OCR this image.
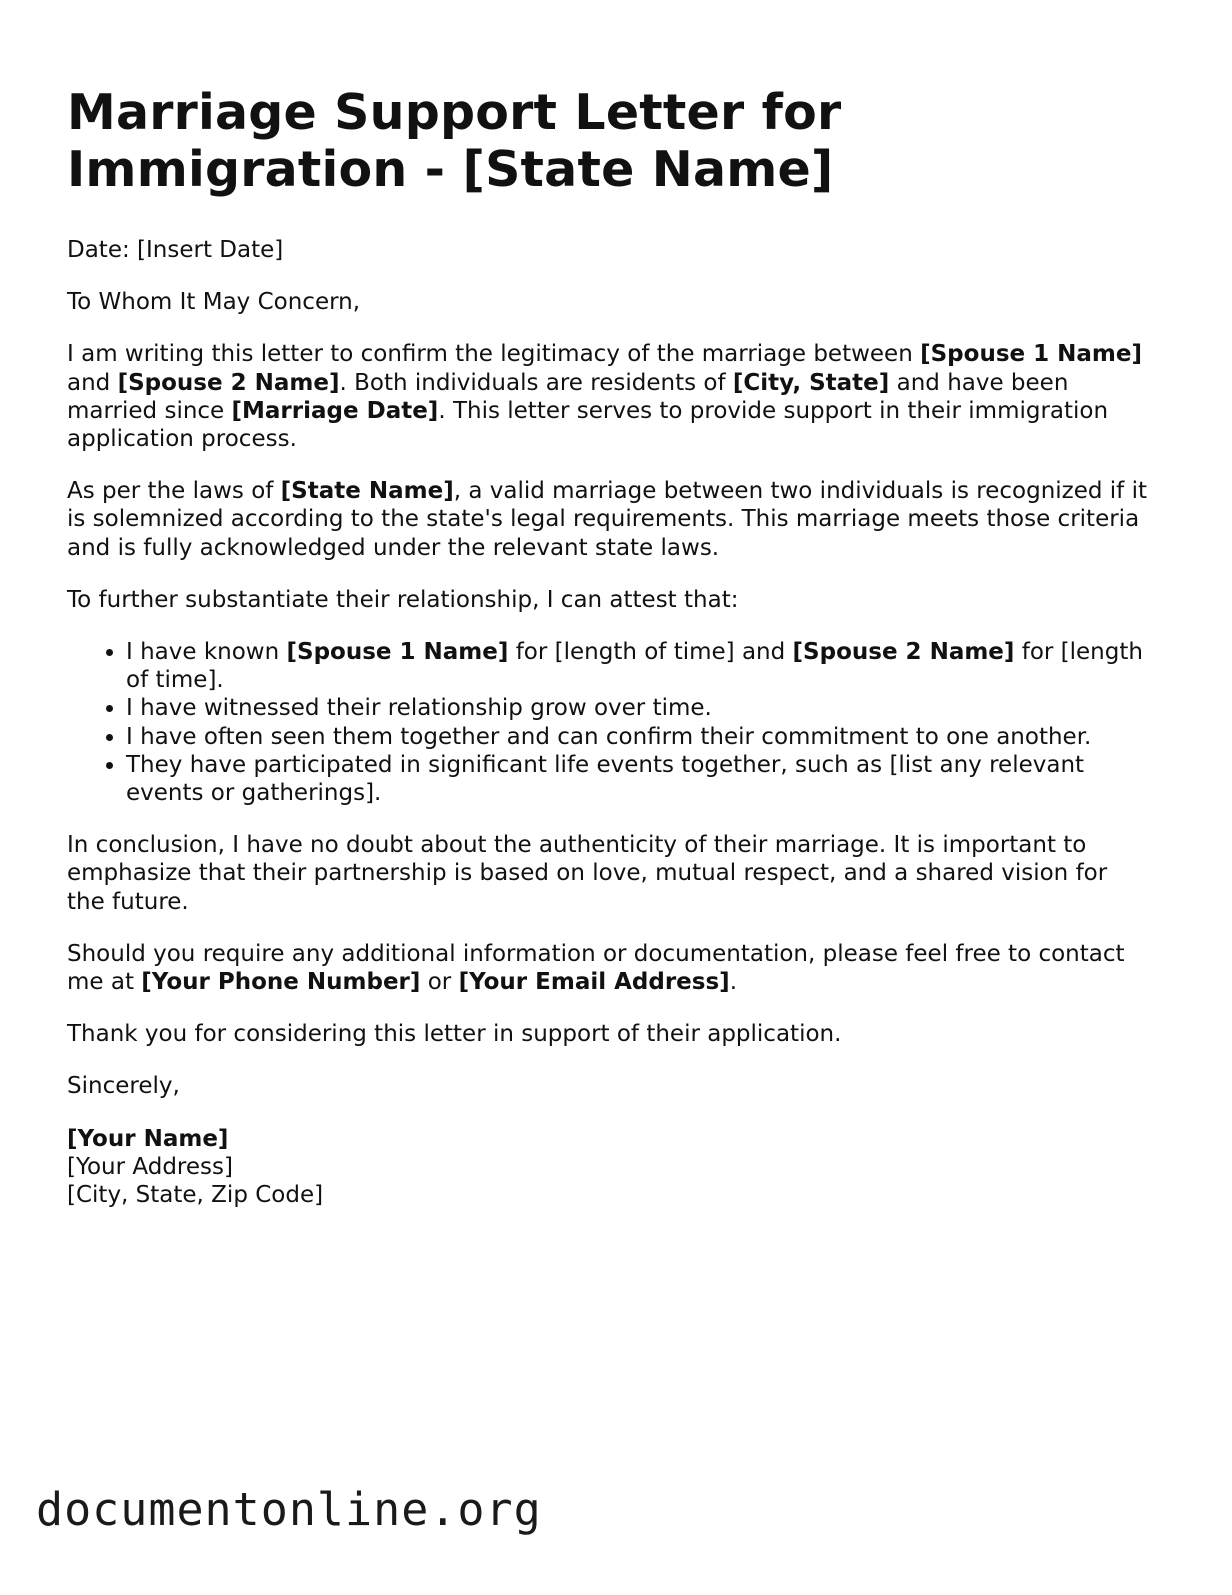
Marriage Support Letter for Immigration - [State Name]

Date: [Insert Date]

To Whom It May Concern,

I am writing this letter to confirm the legitimacy of the marriage between [Spouse 1 Name] and [Spouse 2 Name]. Both individuals are residents of [City, State] and have been married since [Marriage Date]. This letter serves to provide support in their immigration application process.

As per the laws of [State Name], a valid marriage between two individuals is recognized if it is solemnized according to the state's legal requirements. This marriage meets those criteria and is fully acknowledged under the relevant state laws.

To further substantiate their relationship, I can attest that:

• I have known [Spouse 1 Name] for [length of time] and [Spouse 2 Name] for [length of time].
• I have witnessed their relationship grow over time.
• I have often seen them together and can confirm their commitment to one another.
• They have participated in significant life events together, such as [list any relevant events or gatherings].

In conclusion, I have no doubt about the authenticity of their marriage. It is important to emphasize that their partnership is based on love, mutual respect, and a shared vision for the future.

Should you require any additional information or documentation, please feel free to contact me at [Your Phone Number] or [Your Email Address].

Thank you for considering this letter in support of their application.

Sincerely,

[Your Name]
[Your Address]
[City, State, Zip Code]

documentonline.org
